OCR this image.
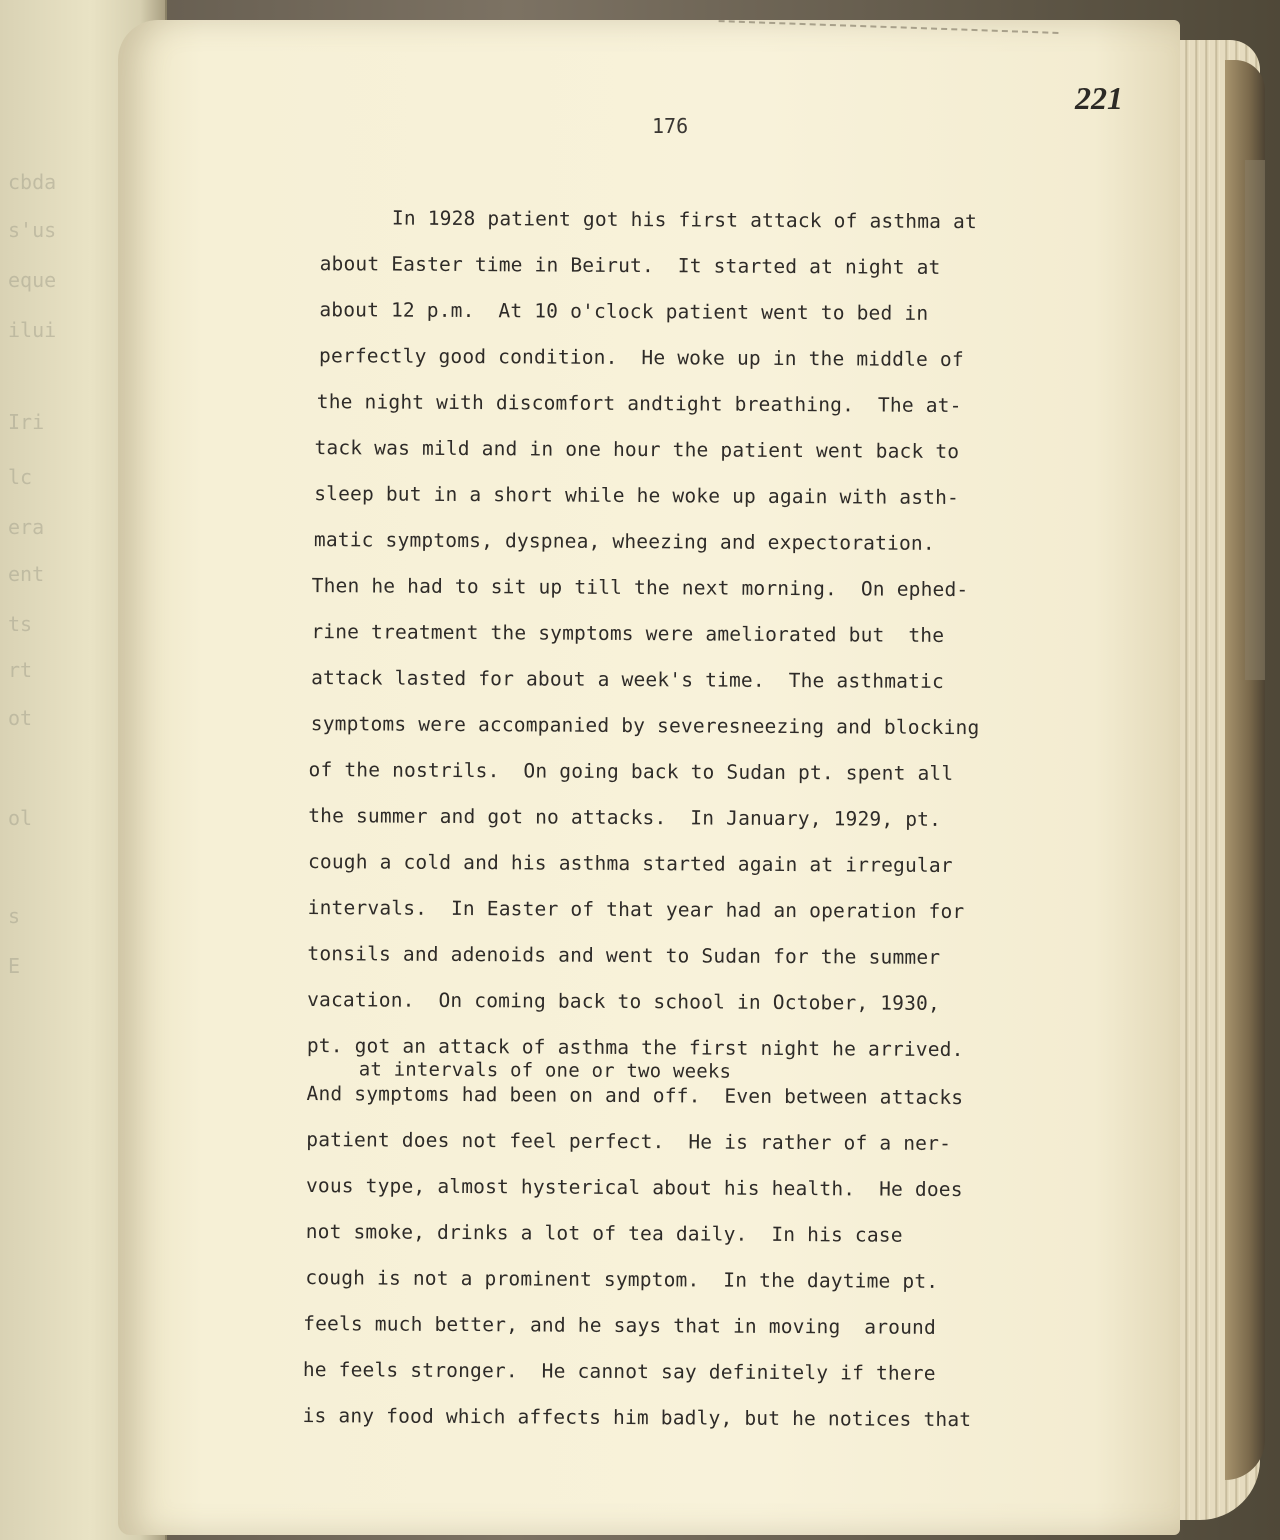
cbda
s'us
eque
ilui
Iri
lc
era
ent
ts
rt
ot
ol
s
E
221
176
In 1928 patient got his first attack of asthma at
about Easter time in Beirut.  It started at night at
about 12 p.m.  At 10 o'clock patient went to bed in
perfectly good condition.  He woke up in the middle of
the night with discomfort andtight breathing.  The at-
tack was mild and in one hour the patient went back to
sleep but in a short while he woke up again with asth-
matic symptoms, dyspnea, wheezing and expectoration.
Then he had to sit up till the next morning.  On ephed-
rine treatment the symptoms were ameliorated but  the
attack lasted for about a week's time.  The asthmatic
symptoms were accompanied by severesneezing and blocking
of the nostrils.  On going back to Sudan pt. spent all
the summer and got no attacks.  In January, 1929, pt.
cough a cold and his asthma started again at irregular
intervals.  In Easter of that year had an operation for
tonsils and adenoids and went to Sudan for the summer
vacation.  On coming back to school in October, 1930,
pt. got an attack of asthma the first night he arrived.
at intervals of one or two weeks
And symptoms had been on and off.  Even between attacks
patient does not feel perfect.  He is rather of a ner-
vous type, almost hysterical about his health.  He does
not smoke, drinks a lot of tea daily.  In his case
cough is not a prominent symptom.  In the daytime pt.
feels much better, and he says that in moving  around
he feels stronger.  He cannot say definitely if there
is any food which affects him badly, but he notices that
